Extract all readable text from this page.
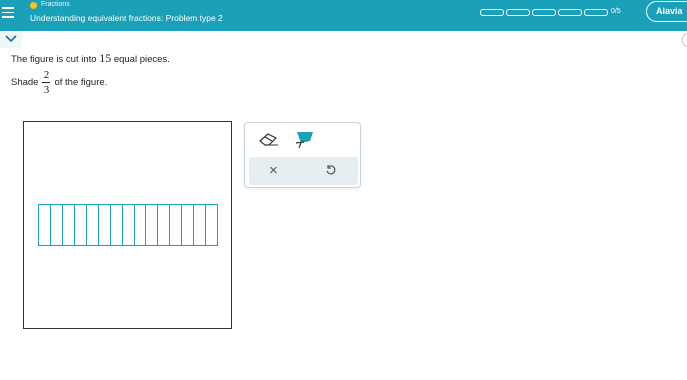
Fractions
Understanding equivalent fractions: Problem type 2
0/5	Alavia
The figure is cut into 15 equal pieces.
Shade $\frac{2}{3}$ of the figure.
×
